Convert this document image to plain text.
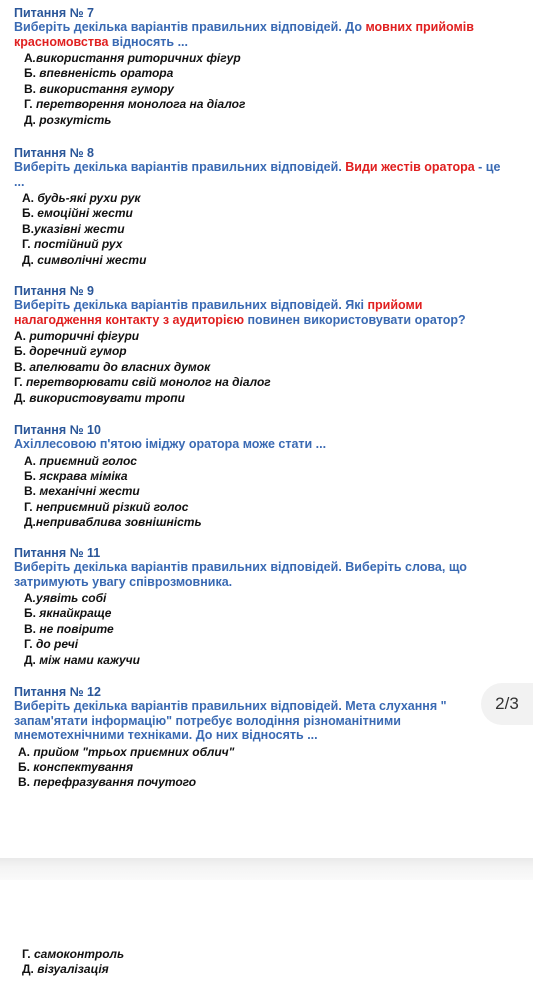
Питання № 7
Виберіть декілька варіантів правильних відповідей. До мовних прийомів
красномовства відносять ...
А.використання риторичних фігур
Б. впевненість оратора
В. використання гумору
Г. перетворення монолога на діалог
Д. розкутість
Питання № 8
Виберіть декілька варіантів правильних відповідей. Види жестів оратора - це
...
А. будь-які рухи рук
Б. емоційні жести
В.указівні жести
Г. постійний рух
Д. символічні жести
Питання № 9
Виберіть декілька варіантів правильних відповідей. Які прийоми
налагодження контакту з аудиторією повинен використовувати оратор?
А. риторичні фігури
Б. доречний гумор
В. апелювати до власних думок
Г. перетворювати свій монолог на діалог
Д. використовувати тропи
Питання № 10
Ахіллесовою п'ятою іміджу оратора може стати ...
А. приємний голос
Б. яскрава міміка
В. механічні жести
Г. неприємний різкий голос
Д.неприваблива зовнішність
Питання № 11
Виберіть декілька варіантів правильних відповідей. Виберіть слова, що
затримують увагу співрозмовника.
А.уявіть собі
Б. якнайкраще
В. не повірите
Г. до речі
Д. між нами кажучи
Питання № 12
Виберіть декілька варіантів правильних відповідей. Мета слухання "
запам'ятати інформацію" потребує володіння різноманітними
мнемотехнічними техніками. До них відносять ...
А. прийом "трьох приємних облич"
Б. конспектування
В. перефразування почутого
Г. самоконтроль
Д. візуалізація
2/3
